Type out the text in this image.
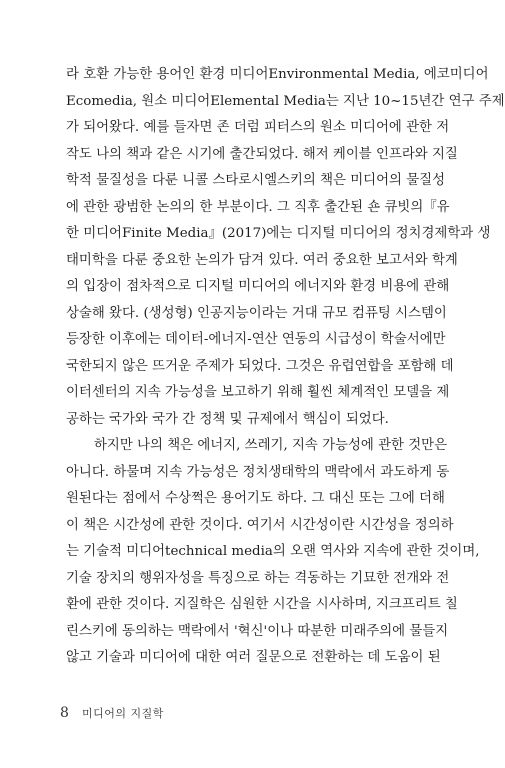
라 호환 가능한 용어인 환경 미디어Environmental Media, 에코미디어
Ecomedia, 원소 미디어Elemental Media는 지난 10~15년간 연구 주제
가 되어왔다. 예를 들자면 존 더럼 피터스의 원소 미디어에 관한 저
작도 나의 책과 같은 시기에 출간되었다. 해저 케이블 인프라와 지질
학적 물질성을 다룬 니콜 스타로시엘스키의 책은 미디어의 물질성
에 관한 광범한 논의의 한 부분이다. 그 직후 출간된 숀 큐빗의『유
한 미디어Finite Media』(2017)에는 디지털 미디어의 정치경제학과 생
태미학을 다룬 중요한 논의가 담겨 있다. 여러 중요한 보고서와 학계
의 입장이 점차적으로 디지털 미디어의 에너지와 환경 비용에 관해
상술해 왔다. (생성형) 인공지능이라는 거대 규모 컴퓨팅 시스템이
등장한 이후에는 데이터-에너지-연산 연동의 시급성이 학술서에만
국한되지 않은 뜨거운 주제가 되었다. 그것은 유럽연합을 포함해 데
이터센터의 지속 가능성을 보고하기 위해 훨씬 체계적인 모델을 제
공하는 국가와 국가 간 정책 및 규제에서 핵심이 되었다.
하지만 나의 책은 에너지, 쓰레기, 지속 가능성에 관한 것만은
아니다. 하물며 지속 가능성은 정치생태학의 맥락에서 과도하게 동
원된다는 점에서 수상쩍은 용어기도 하다. 그 대신 또는 그에 더해
이 책은 시간성에 관한 것이다. 여기서 시간성이란 시간성을 정의하
는 기술적 미디어technical media의 오랜 역사와 지속에 관한 것이며,
기술 장치의 행위자성을 특징으로 하는 격동하는 기묘한 전개와 전
환에 관한 것이다. 지질학은 심원한 시간을 시사하며, 지크프리트 칠
린스키에 동의하는 맥락에서 '혁신'이나 따분한 미래주의에 물들지
않고 기술과 미디어에 대한 여러 질문으로 전환하는 데 도움이 된
8 미디어의 지질학
